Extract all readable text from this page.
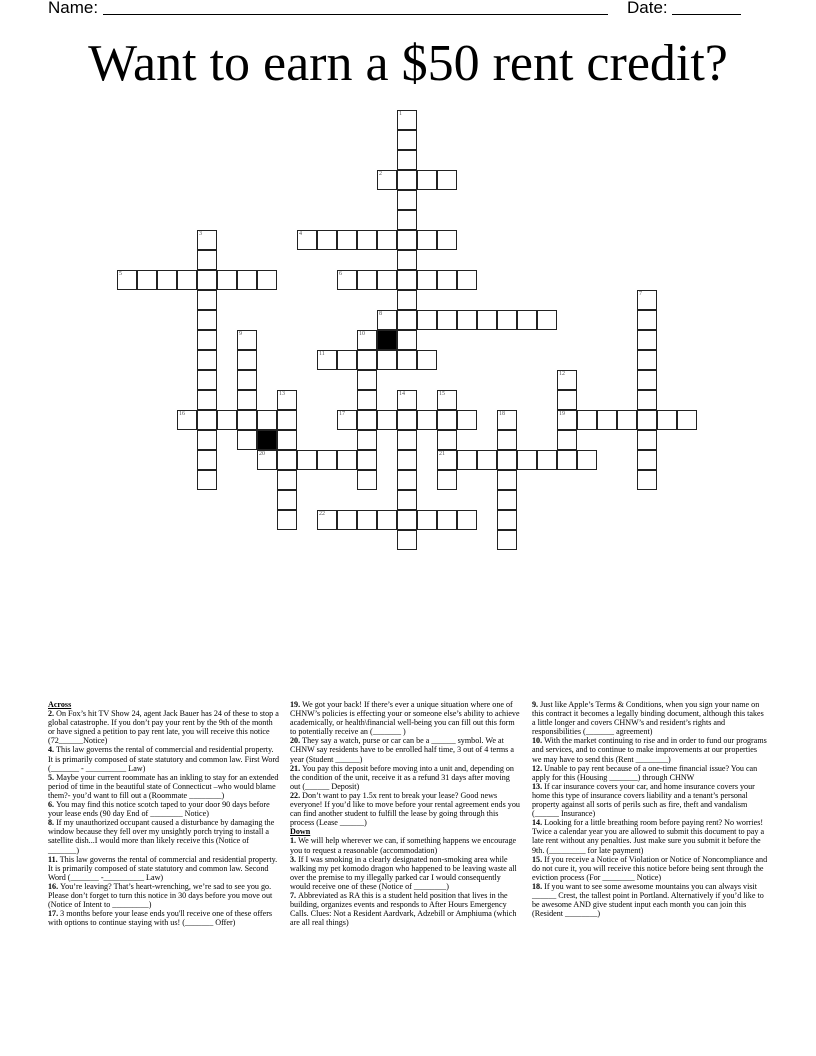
Name:	Date:
Want to earn a $50 rent credit?
2
4
5	6
8
11
16	17	19
20	21
22
1
3
7
9	10
12
13	14	15
18
Across
2. On Fox’s hit TV Show 24, agent Jack Bauer has 24 of these to stop a global catastrophe. If you don’t pay your rent by the 9th of the month or have signed a petition to pay rent late, you will receive this notice (72______Notice)
4. This law governs the rental of commercial and residential property. It is primarily composed of state statutory and common law. First Word (_______ - __________ Law)
5. Maybe your current roommate has an inkling to stay for an extended period of time in the beautiful state of Connecticut –who would blame them?- you’d want to fill out a (Roommate ________)
6. You may find this notice scotch taped to your door 90 days before your lease ends (90 day End of ________ Notice)
8. If my unauthorized occupant caused a disturbance by damaging the window because they fell over my unsightly porch trying to install a satellite dish...I would more than likely receive this (Notice of _______)
11. This law governs the rental of commercial and residential property. It is primarily composed of state statutory and common law. Second Word (_______ -__________ Law)
16. You’re leaving? That’s heart-wrenching, we’re sad to see you go. Please don’t forget to turn this notice in 30 days before you move out (Notice of Intent to _________)
17. 3 months before your lease ends you'll receive one of these offers with options to continue staying with us! (_______ Offer)
19. We got your back! If there’s ever a unique situation where one of CHNW’s policies is effecting your or someone else’s ability to achieve academically, or health\financial well-being you can fill out this form to potentially receive an (_______ )
20. They say a watch, purse or car can be a ______ symbol. We at CHNW say residents have to be enrolled half time, 3 out of 4 terms a year (Student ______)
21. You pay this deposit before moving into a unit and, depending on the condition of the unit, receive it as a refund 31 days after moving out (______ Deposit)
22. Don’t want to pay 1.5x rent to break your lease? Good news everyone! If you’d like to move before your rental agreement ends you can find another student to fulfill the lease by going through this process (Lease ______)
Down
1. We will help wherever we can, if something happens we encourage you to request a reasonable (accommodation)
3. If I was smoking in a clearly designated non-smoking area while walking my pet komodo dragon who happened to be leaving waste all over the premise to my illegally parked car I would consequently would receive one of these (Notice of ________)
7. Abbreviated as RA this is a student held position that lives in the building, organizes events and responds to After Hours Emergency Calls. Clues: Not a Resident Aardvark, Adzebill or Amphiuma (which are all real things)
9. Just like Apple’s Terms & Conditions, when you sign your name on this contract it becomes a legally binding document, although this takes a little longer and covers CHNW’s and resident’s rights and responsibilities (_______ agreement)
10. With the market continuing to rise and in order to fund our programs and services, and to continue to make improvements at our properties we may have to send this (Rent ________)
12. Unable to pay rent because of a one-time financial issue? You can apply for this (Housing _______) through CHNW
13. If car insurance covers your car, and home insurance covers your home this type of insurance covers liability and a tenant’s personal property against all sorts of perils such as fire, theft and vandalism (______ Insurance)
14. Looking for a little breathing room before paying rent? No worries! Twice a calendar year you are allowed to submit this document to pay a late rent without any penalties. Just make sure you submit it before the 9th. (_________ for late payment)
15. If you receive a Notice of Violation or Notice of Noncompliance and do not cure it, you will receive this notice before being sent through the eviction process (For ________ Notice)
18. If you want to see some awesome mountains you can always visit ______ Crest, the tallest point in Portland. Alternatively if you’d like to be awesome AND give student input each month you can join this (Resident ________)
